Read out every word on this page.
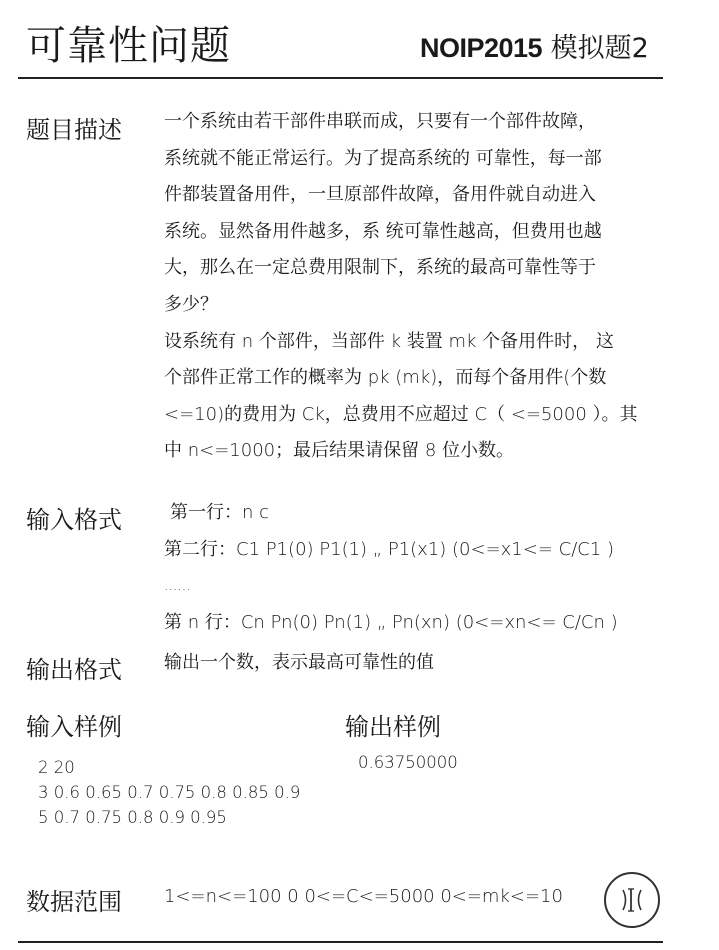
可靠性问题	NOIP2015 模拟题2
题目描述 一个系统由若干部件串联而成，只要有一个部件故障，
系统就不能正常运行。为了提高系统的 可靠性，每一部
件都装置备用件，一旦原部件故障，备用件就自动进入
系统。显然备用件越多，系 统可靠性越高，但费用也越
大，那么在一定总费用限制下，系统的最高可靠性等于
多少？
设系统有 n 个部件，当部件 k 装置 mk 个备用件时， 这
个部件正常工作的概率为 pk (mk)，而每个备用件(个数
<=10)的费用为 Ck，总费用不应超过 C（ <=5000 ）。其
中 n<=1000；最后结果请保留 8 位小数。
输入格式	第一行：n c
第二行：C1 P1(0) P1(1) „ P1(x1) (0<=x1<= C/C1 )
......
第 n 行：Cn Pn(0) Pn(1) „ Pn(xn) (0<=xn<= C/Cn )
输出格式 输出一个数，表示最高可靠性的值
输入样例	输出样例
2 20
3 0.6 0.65 0.7 0.75 0.8 0.85 0.9
5 0.7 0.75 0.8 0.9 0.95
0.63750000
数据范围 1<=n<=100 0 0<=C<=5000 0<=mk<=10
